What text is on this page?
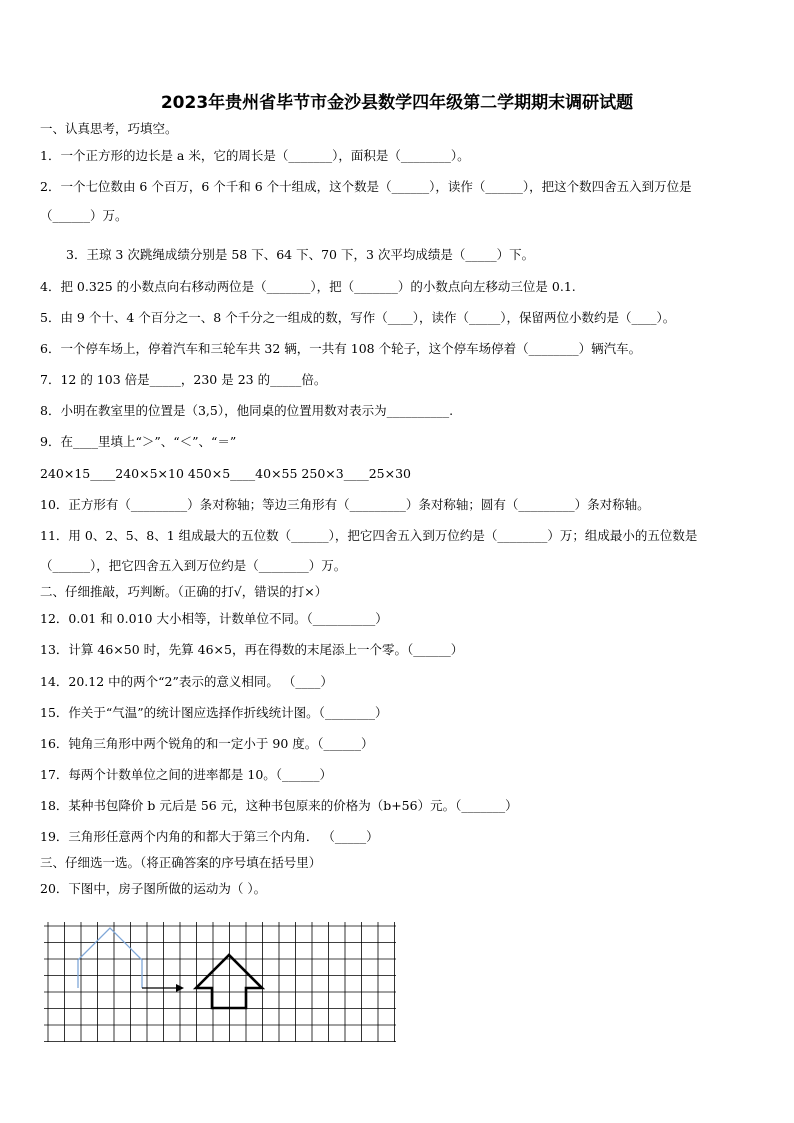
2023年贵州省毕节市金沙县数学四年级第二学期期末调研试题
一、认真思考，巧填空。
1．一个正方形的边长是 a 米，它的周长是（_______），面积是（________）。
2．一个七位数由 6 个百万，6 个千和 6 个十组成，这个数是（______），读作（______），把这个数四舍五入到万位是
（______）万。
3．王琼 3 次跳绳成绩分别是 58 下、64 下、70 下，3 次平均成绩是（_____）下。
4．把 0.325 的小数点向右移动两位是（_______），把（_______）的小数点向左移动三位是 0.1.
5．由 9 个十、4 个百分之一、8 个千分之一组成的数，写作（____），读作（_____），保留两位小数约是（____）。
6．一个停车场上，停着汽车和三轮车共 32 辆，一共有 108 个轮子，这个停车场停着（________）辆汽车。
7．12 的 103 倍是_____，230 是 23 的_____倍。
8．小明在教室里的位置是（3,5），他同桌的位置用数对表示为__________.
9．在____里填上“＞”、“＜”、“＝”
240×15____240×5×10 450×5____40×55 250×3____25×30
10．正方形有（_________）条对称轴；等边三角形有（_________）条对称轴；圆有（_________）条对称轴。
11．用 0、2、5、8、1 组成最大的五位数（______），把它四舍五入到万位约是（________）万；组成最小的五位数是
（______），把它四舍五入到万位约是（________）万。
二、仔细推敲，巧判断。（正确的打√，错误的打×）
12．0.01 和 0.010 大小相等，计数单位不同。（__________）
13．计算 46×50 时，先算 46×5，再在得数的末尾添上一个零。（______）
14．20.12 中的两个“2”表示的意义相同。 （____）
15．作关于“气温”的统计图应选择作折线统计图。（________）
16．钝角三角形中两个锐角的和一定小于 90 度。（______）
17．每两个计数单位之间的进率都是 10。（______）
18．某种书包降价 b 元后是 56 元，这种书包原来的价格为（b+56）元。（_______）
19．三角形任意两个内角的和都大于第三个内角． （_____）
三、仔细选一选。（将正确答案的序号填在括号里）
20．下图中，房子图所做的运动为（ ）。
